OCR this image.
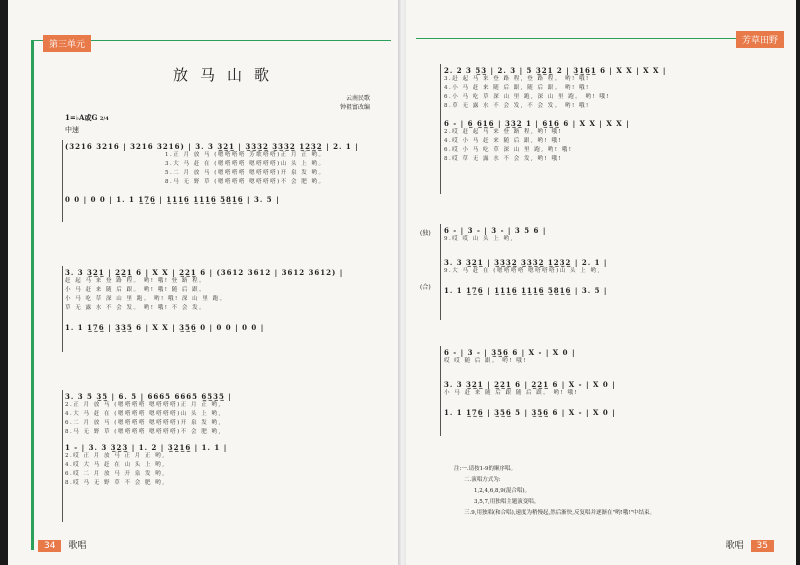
第三单元
放马山歌
云南民歌
钟祖富改编
1=♭A或G 2/4
中速
(3216 3216 | 3216 3216) | 3. 3 3̲2̲1̲ | 3̲3̲3̲2̲ 3̲3̲3̲2̲ 1̲2̲3̲2̲ | 2. 1 |
1.正 月 放 马 (嗯嗒嗒嗒 芳歌嗒嗒)正 月 正 哟。
3.大 马 赶 在 (嗯嗒嗒嗒 嗯嗒嗒嗒)山 头 上 哟。
5.二 月 放 马 (嗯嗒嗒嗒 嗯嗒嗒嗒)开 泉 发 哟。
8.马 无 野 草 (嗯嗒嗒嗒 嗯嗒嗒嗒)不 会 肥 哟。
0 0 | 0 0 | 1. 1 1̲7̲6̲ | 1̲1̲1̲6̲ 1̲1̲1̲6̲ 5̲8̲1̲6̲ | 3. 5 |
3. 3 3̲2̲1̲ | 2̲2̲1̲ 6 | X X | 2̲2̲1̲ 6 | (3612 3612 | 3612 3612) |
赶 起 马 来 登 路 程。 哟! 哦! 登 路 程。
小 马 赶 来 随 后 跟。 哟! 哦! 随 后 跟。
小 马 吃 草 深 山 里 跑。 哟! 哦! 深 山 里 跑。
草 无 露 水 不 会 发。 哟! 哦! 不 会 发。
1. 1 1̲7̲6̲ | 3̲3̲5̲ 6 | X X | 3̲5̲6̲ 0 | 0 0 | 0 0 |
3. 3 5 3̲5̲ | 6. 5 | 6665 6665 6̲5̲3̲5̲ |
2.正 月 放 马 (嗯嗒嗒嗒 嗯嗒嗒嗒)正 月 正 哟,
4.大 马 赶 在 (嗯嗒嗒嗒 嗯嗒嗒嗒)山 头 上 哟,
6.二 月 放 马 (嗯嗒嗒嗒 嗯嗒嗒嗒)开 泉 发 哟,
8.马 无 野 草 (嗯嗒嗒嗒 嗯嗒嗒嗒)不 会 肥 哟,
1 - | 3. 3 3̲2̲3̲ | 1. 2 | 3̲2̲1̲6̲ | 1. 1 |
2.哎 正 月 放 马 正 月 正 哟,
4.哎 大 马 赶 在 山 头 上 哟,
6.哎 二 月 放 马 开 泉 发 哟,
8.哎 马 无 野 草 不 会 肥 哟,
34 歌唱
芳草田野
2. 2 3 5̲3̲ | 2. 3 | 5 3̲2̲1̲ 2 | 3̲1̲6̲1̲ 6 | X X | X X |
3.赶 起 马 来 登 路 程, 登 路 程。 哟! 哦!
4.小 马 赶 来 随 后 跟, 随 后 跟。 哟! 哦!
6.小 马 吃 草 深 山 里 跑, 深 山 里 跑。 哟! 哦!
8.草 无 露 水 不 会 发, 不 会 发。 哟! 哦!
6 - | 6̲ 6̲1̲6̲ | 3̲3̲2̲ 1 | 6̲1̲6̲ 6 | X X | X X |
2.哎 赶 起 马 来 登 路 程, 哟! 哦!
4.哎 小 马 赶 来 随 后 跟, 哟! 哦!
6.哎 小 马 吃 草 深 山 里 跑, 哟! 哦!
8.哎 草 无 露 水 不 会 发, 哟! 哦!
(独)
(合)
6 - | 3 - | 3 - | 3 5 6 |
9.哎 哎 山 头 上 哟,
3. 3 3̲2̲1̲ | 3̲3̲3̲2̲ 3̲3̲3̲2̲ 1̲2̲3̲2̲ | 2. 1 |
9.大 马 赶 在 (嗯嗒嗒嗒 嗯嗒嗒嗒)山 头 上 哟,
1. 1 1̲7̲6̲ | 1̲1̲1̲6̲ 1̲1̲1̲6̲ 5̲8̲1̲6̲ | 3. 5 |
6 - | 3 - | 3̲5̲6̲ 6 | X - | X 0 |
哎 哎 随 后 跟。 哟! 哦!
3. 3 3̲2̲1̲ | 2̲2̲1̲ 6 | 2̲2̲1̲ 6 | X - | X 0 |
小 马 赶 来 随 后 跟 随 后 跟。 哟! 哦!
1. 1 1̲7̲6̲ | 3̲5̲6̲ 5 | 3̲5̲6̲ 6 | X - | X 0 |
注:一.请按1-9的顺序唱。
二.演唱方式为:
1,2,4,6,8,9(混合唱)。
3,5,7,用独唱主题演变唱。
三.9,用独唱(和合唱),速度为稍慢起,然后渐快,反复唱并逐渐在"哟!哦!"中结束。
歌唱 35
